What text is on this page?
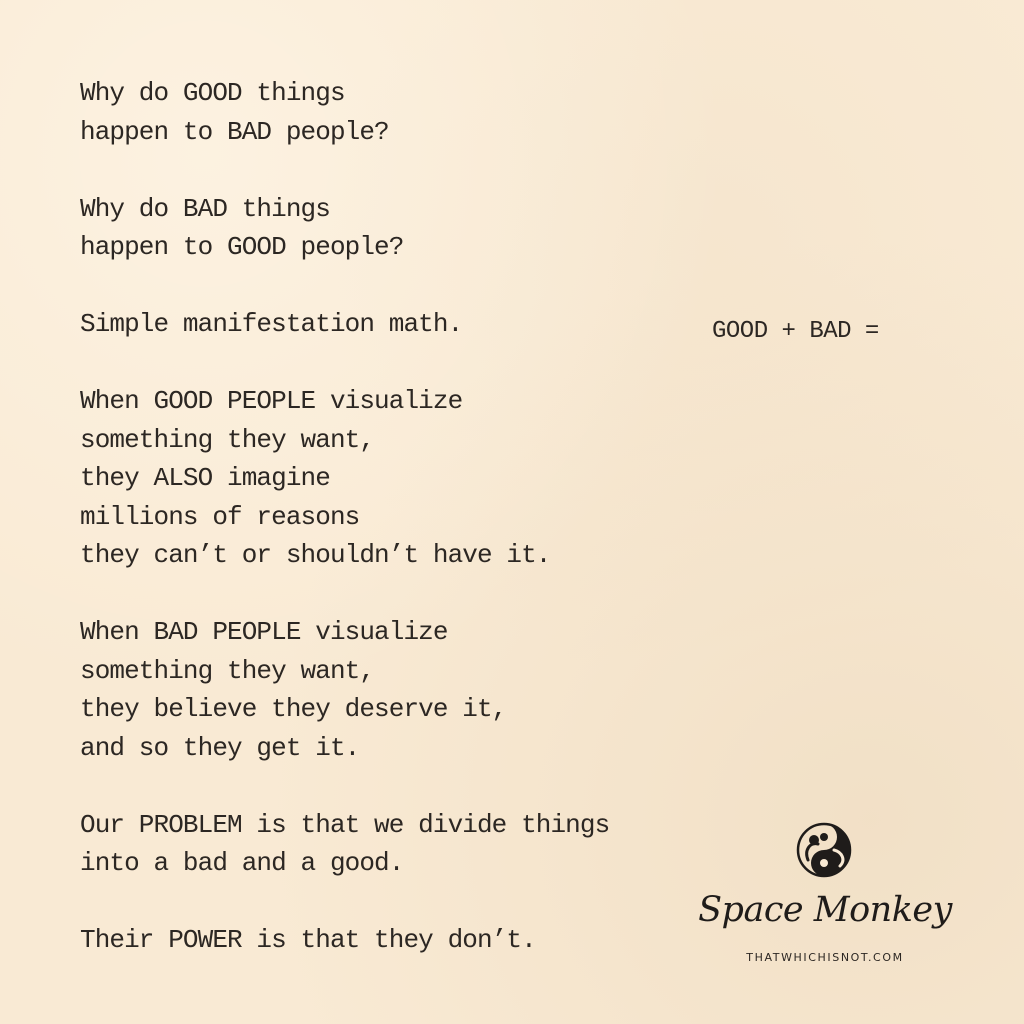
Why do GOOD things
happen to BAD people?
Why do BAD things
happen to GOOD people?
Simple manifestation math.
When GOOD PEOPLE visualize
something they want,
they ALSO imagine
millions of reasons
they can’t or shouldn’t have it.
When BAD PEOPLE visualize
something they want,
they believe they deserve it,
and so they get it.
Our PROBLEM is that we divide things
into a bad and a good.
Their POWER is that they don’t.
GOOD + BAD =
Space Monkey
THATWHICHISNOT.COM
